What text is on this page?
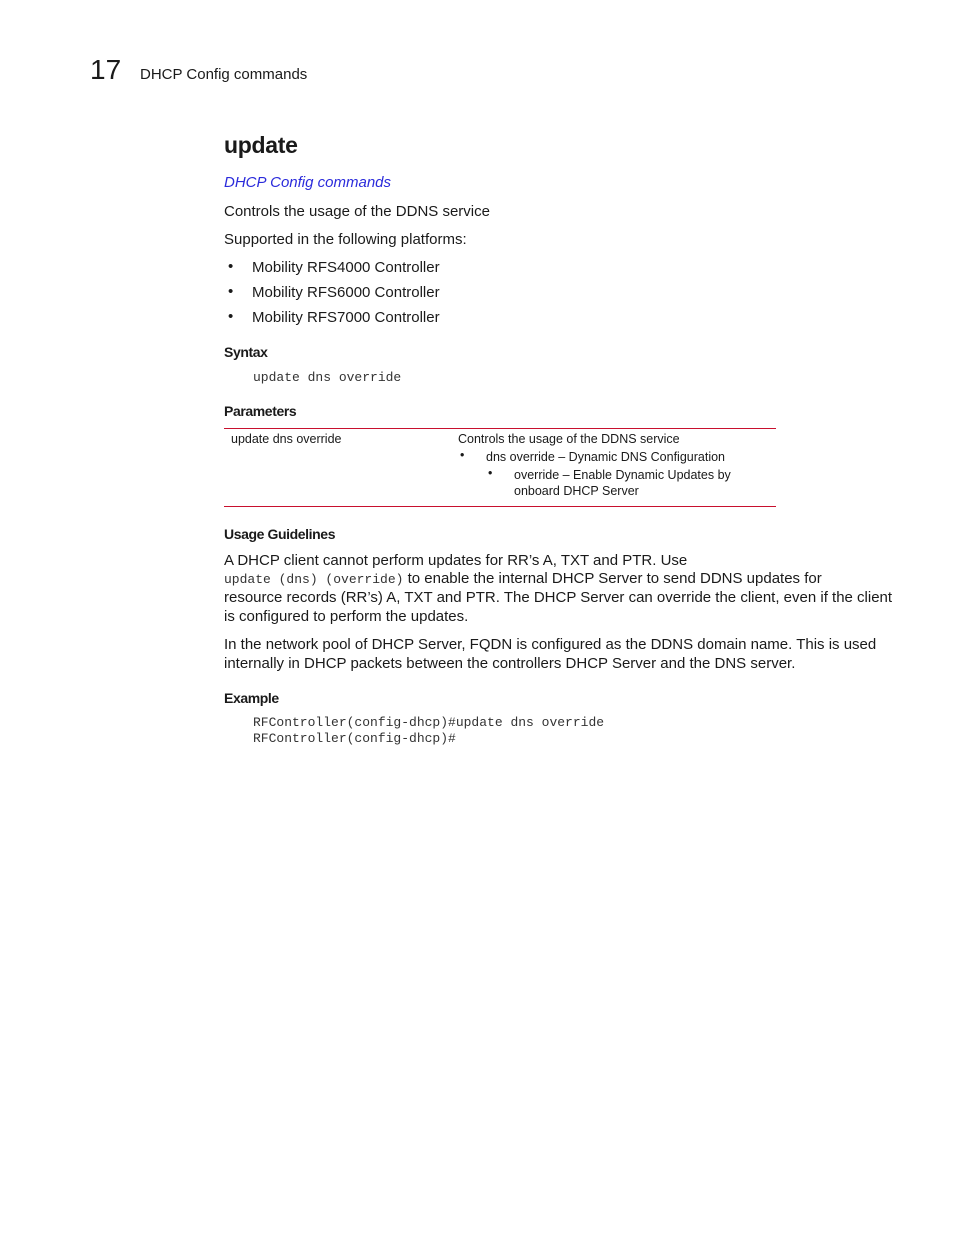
17 DHCP Config commands
update
DHCP Config commands
Controls the usage of the DDNS service
Supported in the following platforms:
• Mobility RFS4000 Controller
• Mobility RFS6000 Controller
• Mobility RFS7000 Controller
Syntax
update dns override
Parameters
update dns override	Controls the usage of the DDNS service
• dns override – Dynamic DNS Configuration
• override – Enable Dynamic Updates by
onboard DHCP Server
Usage Guidelines
A DHCP client cannot perform updates for RR’s A, TXT and PTR. Use
update (dns) (override) to enable the internal DHCP Server to send DDNS updates for
resource records (RR’s) A, TXT and PTR. The DHCP Server can override the client, even if the client
is configured to perform the updates.
In the network pool of DHCP Server, FQDN is configured as the DDNS domain name. This is used
internally in DHCP packets between the controllers DHCP Server and the DNS server.
Example
RFController(config-dhcp)#update dns override
RFController(config-dhcp)#
